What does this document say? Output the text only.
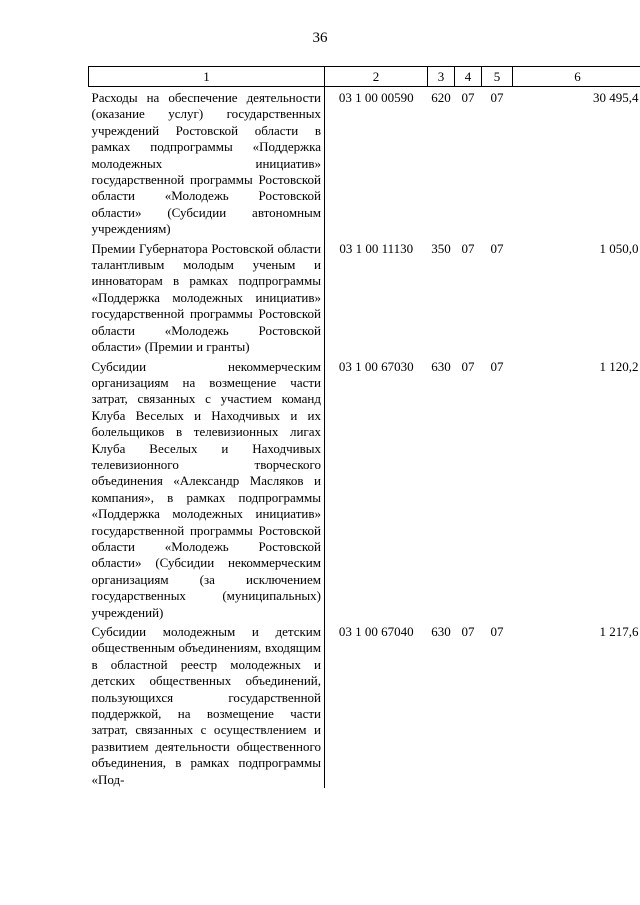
36
1	2	3	4	5	6
Расходы на обеспечение деятельности (оказание услуг) государственных учреждений Ростовской области в рамках подпрограммы «Поддержка молодежных инициатив» государственной программы Ростовской области «Молодежь Ростовской области» (Субсидии автономным учреждениям)	03 1 00 00590	620	07	07	30 495,4
Премии Губернатора Ростовской области талантливым молодым ученым и инноваторам в рамках подпрограммы «Поддержка молодежных инициатив» государственной программы Ростовской области «Молодежь Ростовской области» (Премии и гранты)	03 1 00 11130	350	07	07	1 050,0
Субсидии некоммерческим организациям на возмещение части затрат, связанных с участием команд Клуба Веселых и Находчивых и их болельщиков в телевизионных лигах Клуба Веселых и Находчивых телевизионного творческого объединения «Александр Масляков и компания», в рамках подпрограммы «Поддержка молодежных инициатив» государственной программы Ростовской области «Молодежь Ростовской области» (Субсидии некоммерческим организациям (за исключением государственных (муниципальных) учреждений)	03 1 00 67030	630	07	07	1 120,2
Субсидии молодежным и детским общественным объединениям, входящим в областной реестр молодежных и детских общественных объединений, пользующихся государственной поддержкой, на возмещение части затрат, связанных с осуществлением и развитием деятельности общественного объединения, в рамках подпрограммы «Под-	03 1 00 67040	630	07	07	1 217,6
